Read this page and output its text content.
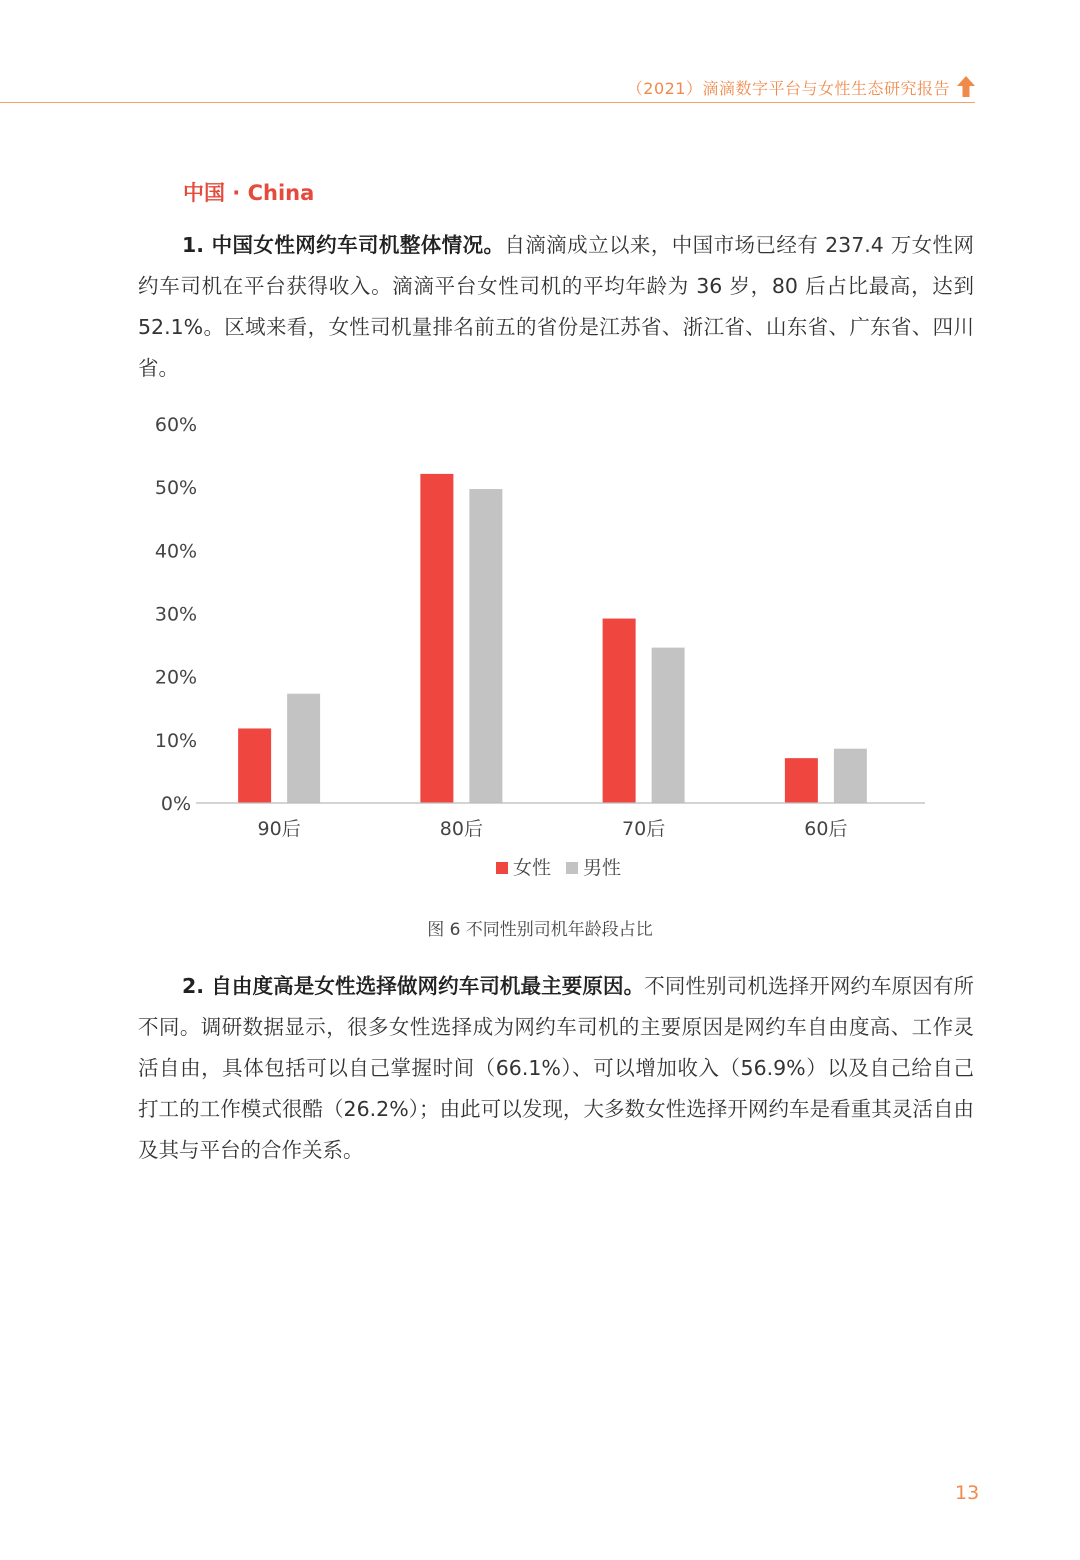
（2021）滴滴数字平台与女性生态研究报告
中国 · China

1. 中国女性网约车司机整体情况。自滴滴成立以来，中国市场已经有 237.4 万女性网约车司机在平台获得收入。滴滴平台女性司机的平均年龄为 36 岁，80 后占比最高，达到 52.1%。区域来看，女性司机量排名前五的省份是江苏省、浙江省、山东省、广东省、四川省。

0%
10%
20%
30%
40%
50%
60%
90后	80后	70后	60后
女性 男性
图 6 不同性别司机年龄段占比

2. 自由度高是女性选择做网约车司机最主要原因。不同性别司机选择开网约车原因有所不同。调研数据显示，很多女性选择成为网约车司机的主要原因是网约车自由度高、工作灵活自由，具体包括可以自己掌握时间（66.1%）、可以增加收入（56.9%）以及自己给自己打工的工作模式很酷（26.2%）；由此可以发现，大多数女性选择开网约车是看重其灵活自由及其与平台的合作关系。

13
